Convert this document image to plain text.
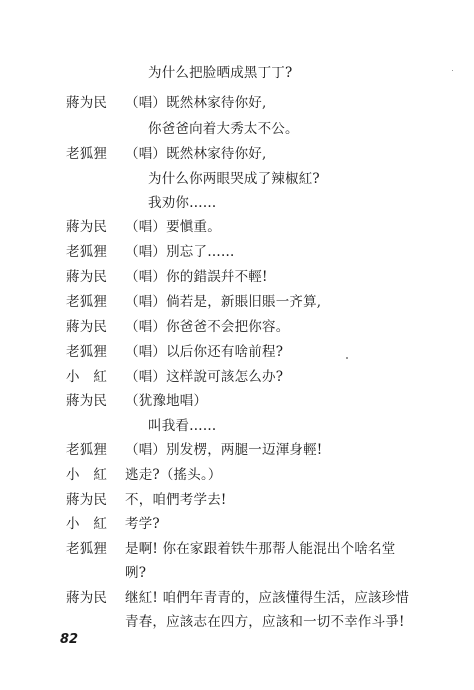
为什么把脸晒成黑丁丁?
蔣为民	（唱）既然林家待你好,
你爸爸向着大秀太不公。
老狐狸	（唱）既然林家待你好,
为什么你两眼哭成了辣椒紅?
我劝你……
蔣为民	（唱）要愼重。
老狐狸	（唱）別忘了……
蔣为民	（唱）你的錯誤幷不輕!
老狐狸	（唱）倘若是，新賬旧賬一齐算,
蔣为民	（唱）你爸爸不会把你容。
老狐狸	（唱）以后你还有啥前程?
小　紅	（唱）这样說可該怎么办?
蔣为民	（犹豫地唱）
叫我看……
老狐狸	（唱）別发楞，两腿一迈渾身輕!
小　紅	逃走?（搖头。）
蔣为民	不，咱們考学去!
小　紅	考学?
老狐狸	是啊! 你在家跟着铁牛那帮人能混出个啥名堂
咧?
蔣为民	继紅! 咱們年青青的，应該懂得生活，应該珍惜
青春，应該志在四方，应該和一切不幸作斗爭!
82
